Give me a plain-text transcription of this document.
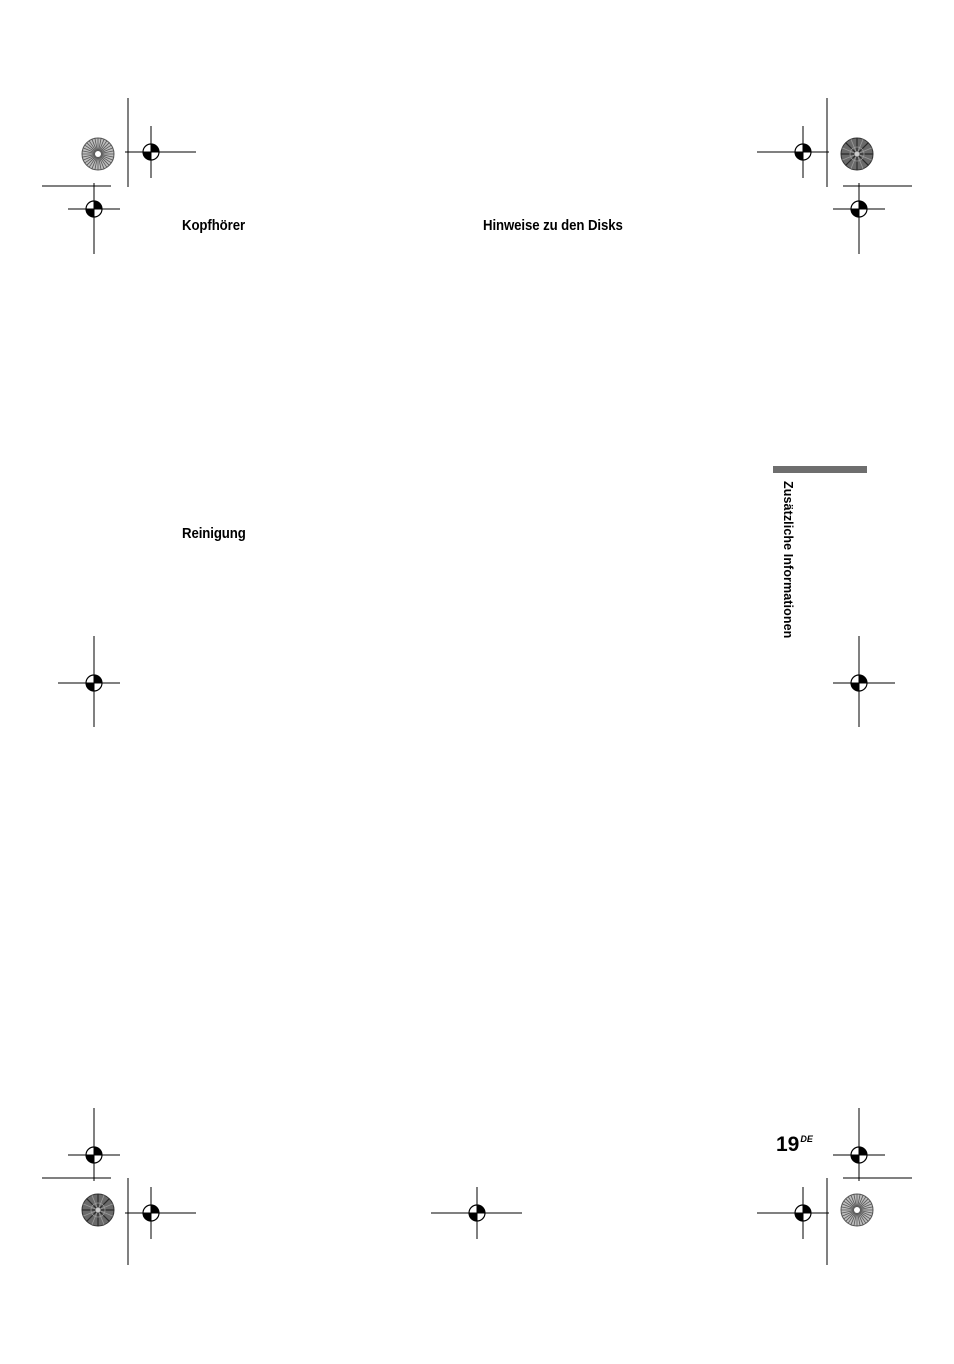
Kopfhörer	Hinweise zu den Disks
Reinigung	Zusätzliche Informationen
19DE
